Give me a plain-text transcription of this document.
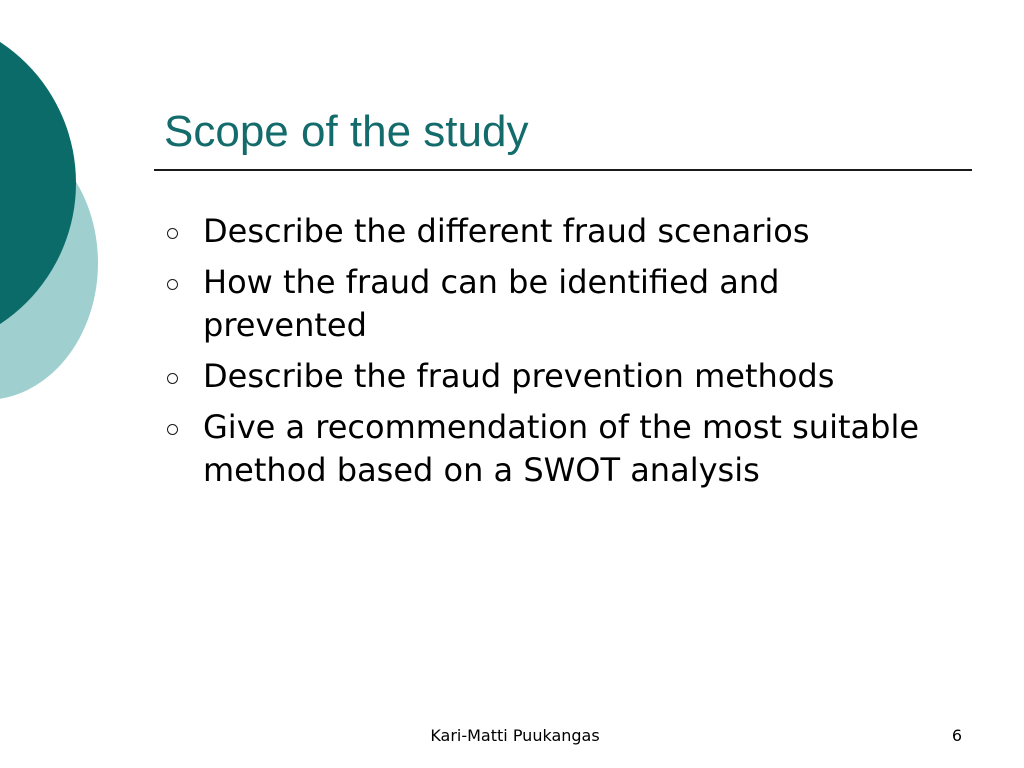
Scope of the study
Describe the different fraud scenarios
How the fraud can be identified and prevented
Describe the fraud prevention methods
Give a recommendation of the most suitable method based on a SWOT analysis
Kari-Matti Puukangas	6
